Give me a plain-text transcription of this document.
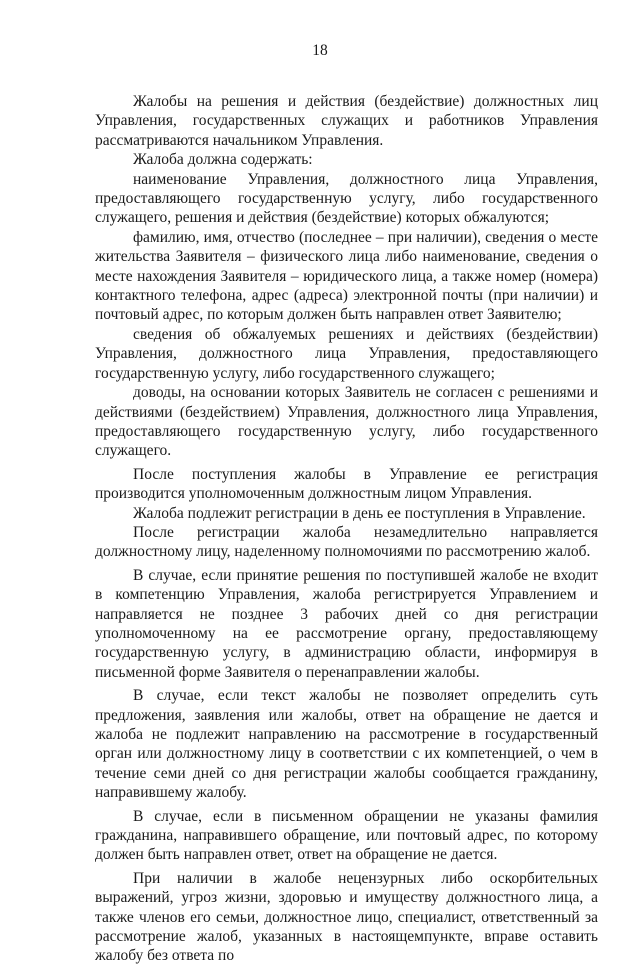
18

Жалобы на решения и действия (бездействие) должностных лиц Управления, государственных служащих и работников Управления рассматриваются начальником Управления.

Жалоба должна содержать:

наименование Управления, должностного лица Управления, предоставляющего государственную услугу, либо государственного служащего, решения и действия (бездействие) которых обжалуются;

фамилию, имя, отчество (последнее – при наличии), сведения о месте жительства Заявителя – физического лица либо наименование, сведения о месте нахождения Заявителя – юридического лица, а также номер (номера) контактного телефона, адрес (адреса) электронной почты (при наличии) и почтовый адрес, по которым должен быть направлен ответ Заявителю;

сведения об обжалуемых решениях и действиях (бездействии) Управления, должностного лица Управления, предоставляющего государственную услугу, либо государственного служащего;

доводы, на основании которых Заявитель не согласен с решениями и действиями (бездействием) Управления, должностного лица Управления, предоставляющего государственную услугу, либо государственного служащего.

После поступления жалобы в Управление ее регистрация производится уполномоченным должностным лицом Управления.

Жалоба подлежит регистрации в день ее поступления в Управление.

После регистрации жалоба незамедлительно направляется должностному лицу, наделенному полномочиями по рассмотрению жалоб.

В случае, если принятие решения по поступившей жалобе не входит в компетенцию Управления, жалоба регистрируется Управлением и направляется не позднее 3 рабочих дней со дня регистрации уполномоченному на ее рассмотрение органу, предоставляющему государственную услугу, в администрацию области, информируя в письменной форме Заявителя о перенаправлении жалобы.

В случае, если текст жалобы не позволяет определить суть предложения, заявления или жалобы, ответ на обращение не дается и жалоба не подлежит направлению на рассмотрение в государственный орган или должностному лицу в соответствии с их компетенцией, о чем в течение семи дней со дня регистрации жалобы сообщается гражданину, направившему жалобу.

В случае, если в письменном обращении не указаны фамилия гражданина, направившего обращение, или почтовый адрес, по которому должен быть направлен ответ, ответ на обращение не дается.

При наличии в жалобе нецензурных либо оскорбительных выражений, угроз жизни, здоровью и имуществу должностного лица, а также членов его семьи, должностное лицо, специалист, ответственный за рассмотрение жалоб, указанных в настоящемпункте, вправе оставить жалобу без ответа по
